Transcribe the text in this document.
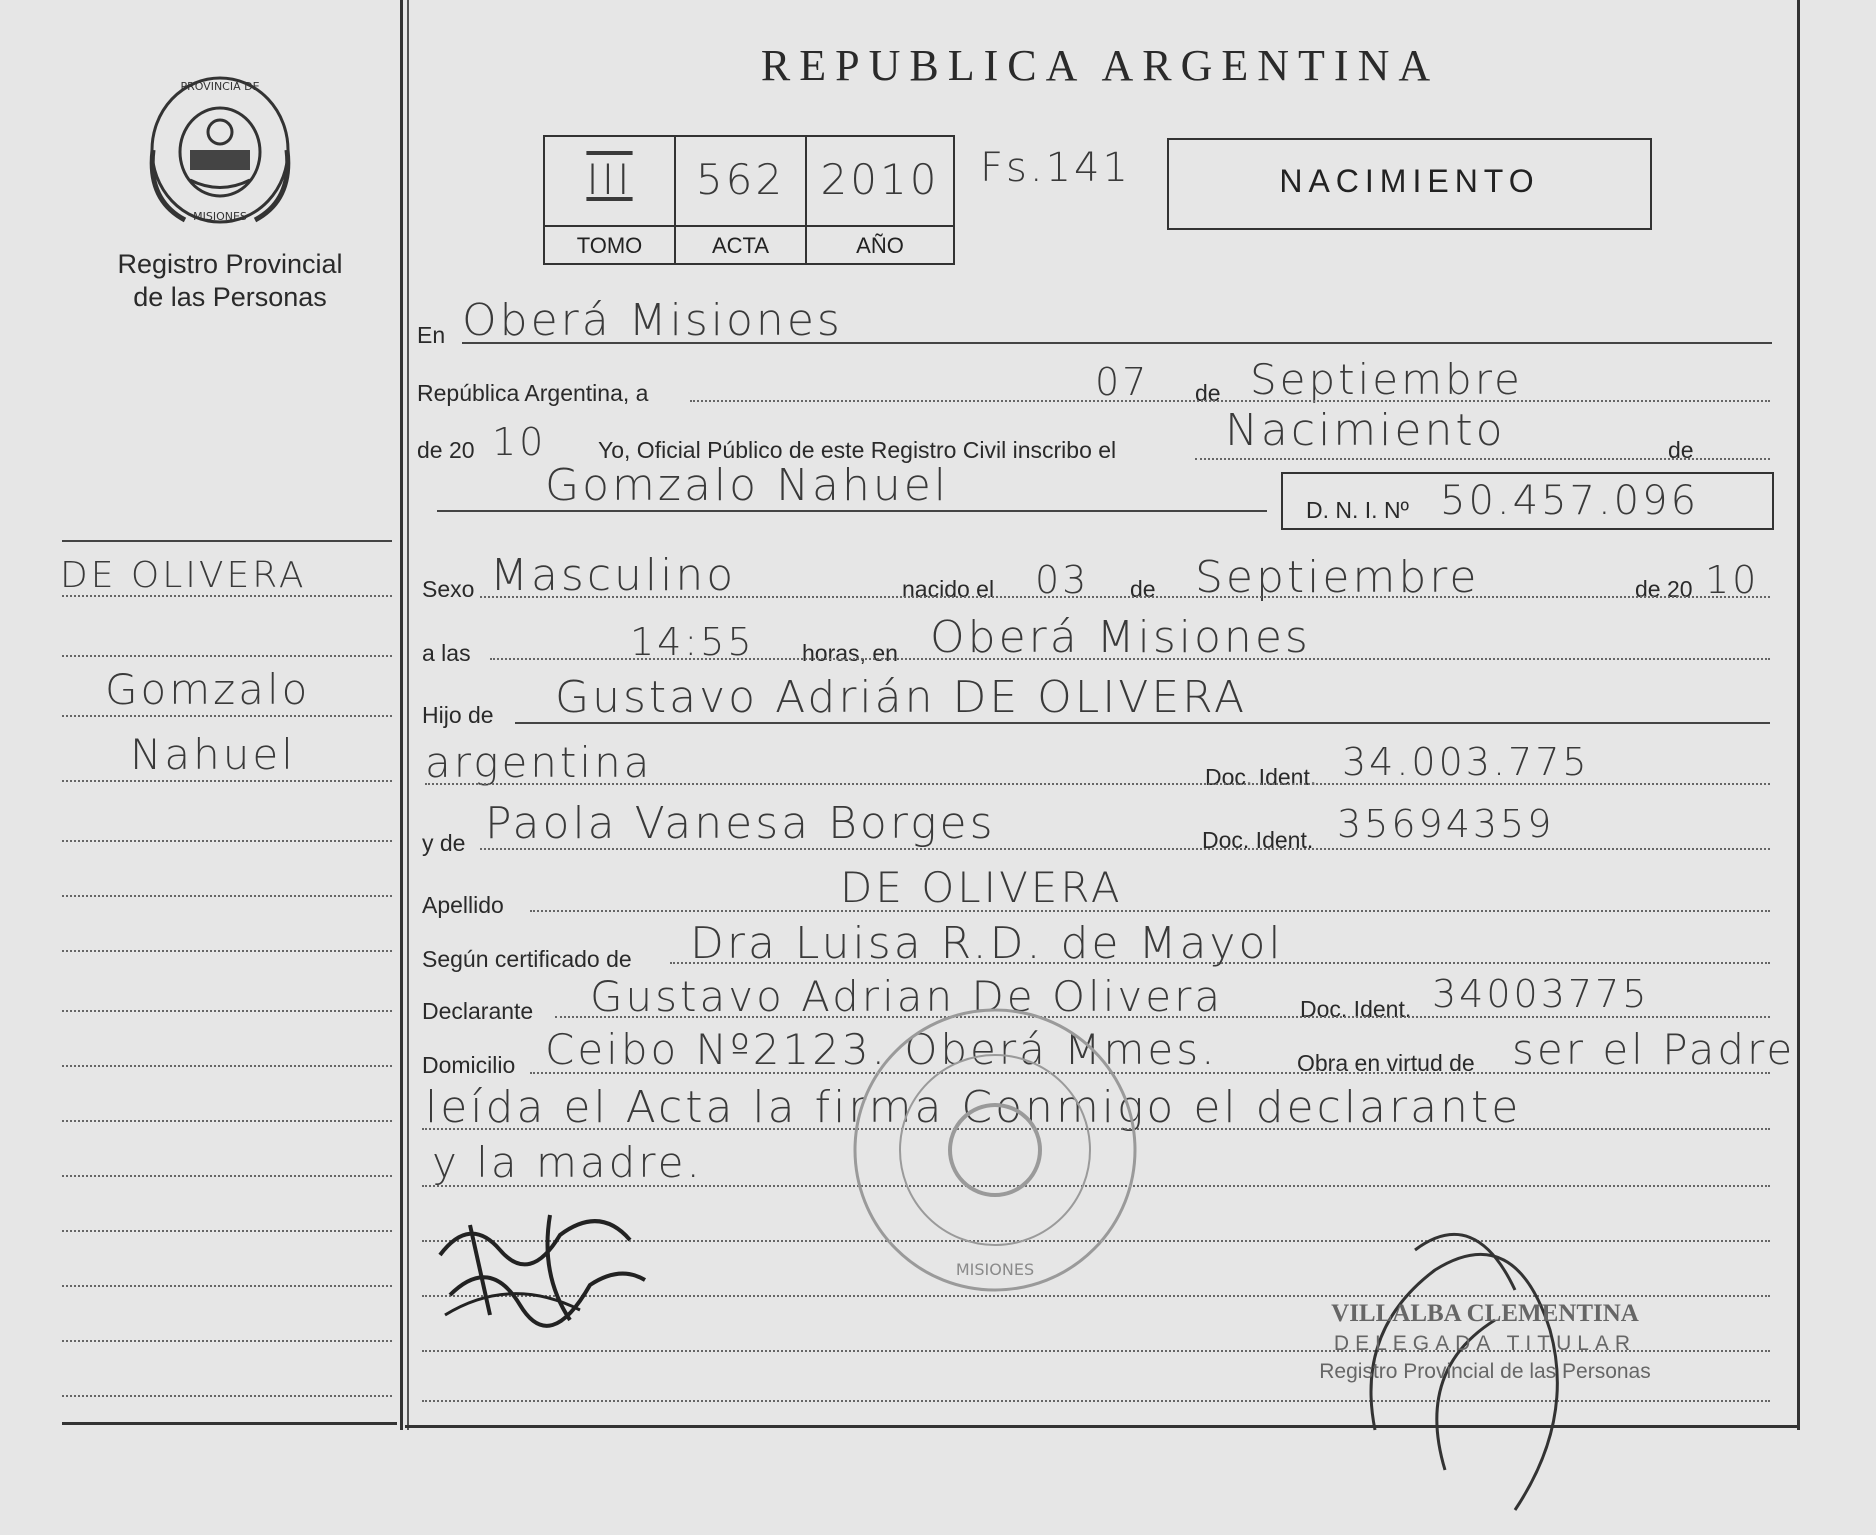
PROVINCIA DE
MISIONES
Registro Provincial
de las Personas
REPUBLICA ARGENTINA
III	562 2010
TOMO	ACTA	AÑO
Fs.141	NACIMIENTO
DE OLIVERA
Gomzalo
Nahuel
En Oberá Misiones
República Argentina, a	07 de Septiembre
de 20 10 Yo, Oficial Público de este Registro Civil inscribo el Nacimiento	de
Gomzalo Nahuel	D. N. I. Nº 50.457.096
Sexo Masculino	nacido el 03 de Septiembre	de 20 10
a las	14:55 horas, en Oberá Misiones
Hijo de Gustavo Adrián DE OLIVERA
argentina	Doc. Ident. 34.003.775
y de Paola Vanesa Borges	Doc. Ident. 35694359
Apellido	DE OLIVERA
Según certificado de Dra Luisa R.D. de Mayol
Declarante Gustavo Adrian De Olivera	Doc. Ident. 34003775
Domicilio Ceibo Nº2123. Oberá Mmes.	Obra en virtud de ser el Padre
leída el Acta la firma Conmigo el declarante
y la madre.
MISIONES
VILLALBA CLEMENTINA
DELEGADA TITULAR
Registro Provincial de las Personas
